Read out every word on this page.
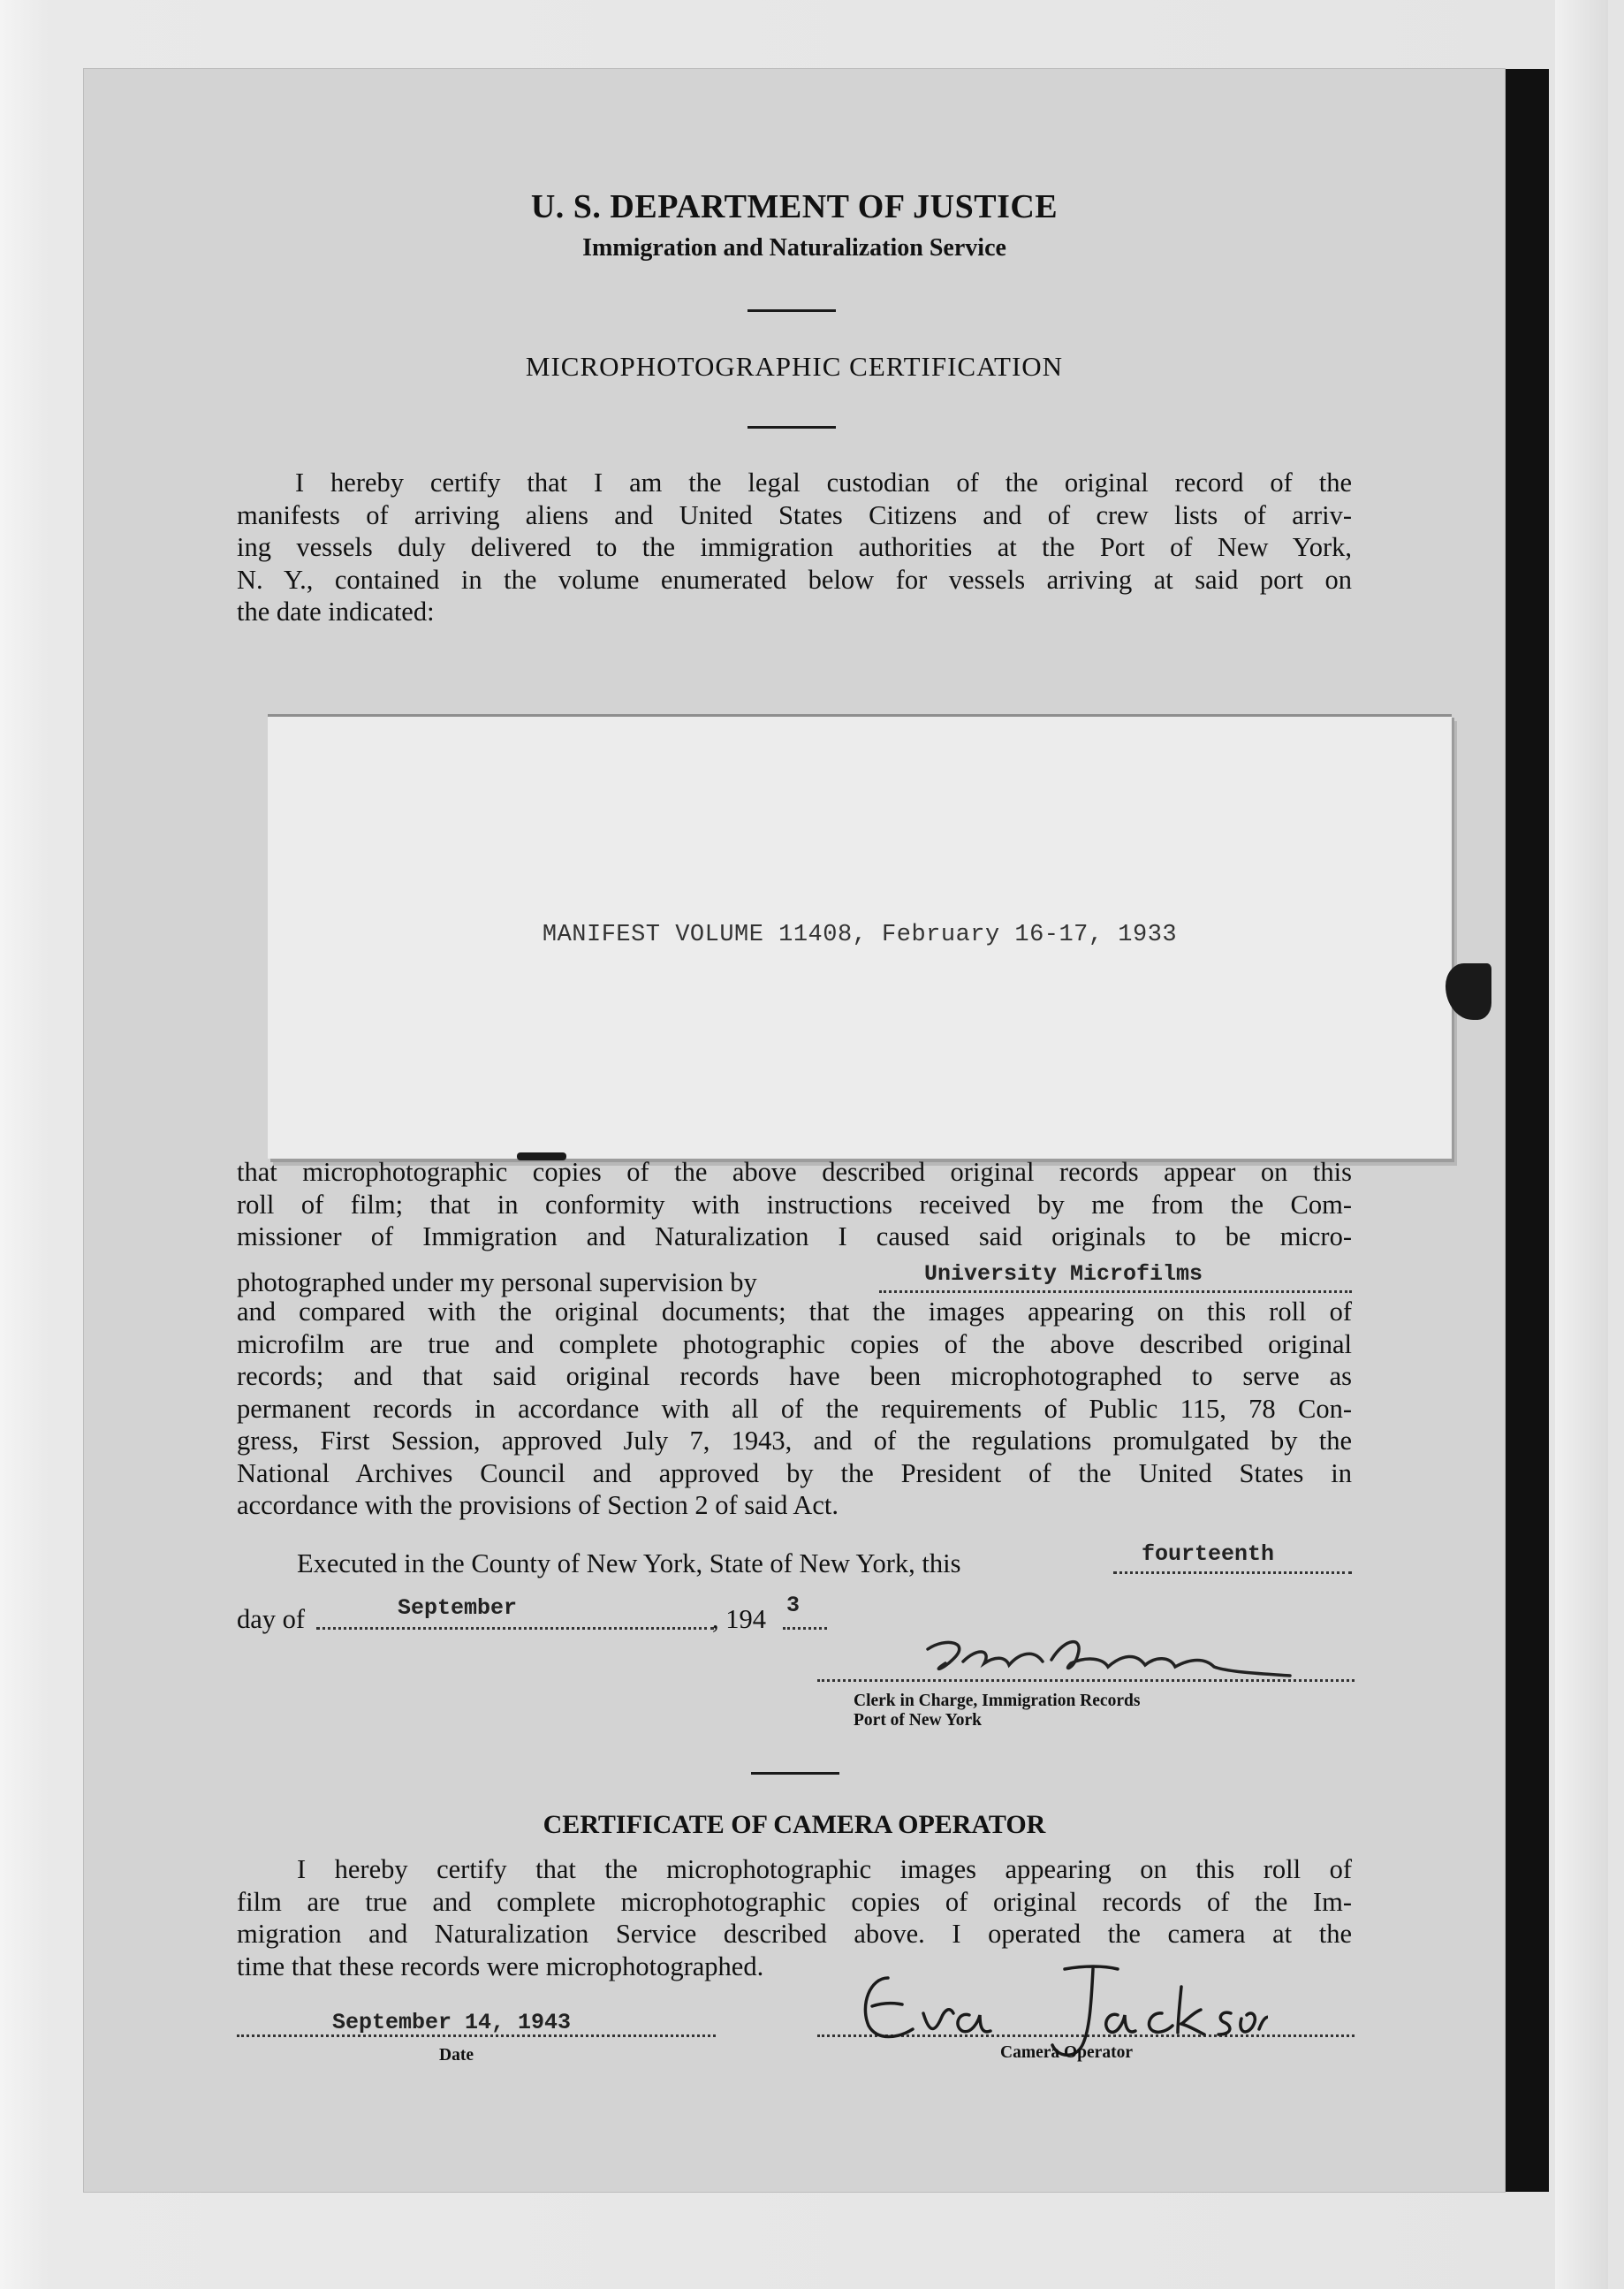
U. S. DEPARTMENT OF JUSTICE
Immigration and Naturalization Service
MICROPHOTOGRAPHIC CERTIFICATION
I hereby certify that I am the legal custodian of the original record of the
manifests of arriving aliens and United States Citizens and of crew lists of arriv-
ing vessels duly delivered to the immigration authorities at the Port of New York,
N. Y., contained in the volume enumerated below for vessels arriving at said port on
the date indicated:
MANIFEST VOLUME 11408, February 16-17, 1933
that microphotographic copies of the above described original records appear on this
roll of film; that in conformity with instructions received by me from the Com-
missioner of Immigration and Naturalization I caused said originals to be micro-
photographed under my personal supervision by	University Microfilms
and compared with the original documents; that the images appearing on this roll of
microfilm are true and complete photographic copies of the above described original
records; and that said original records have been microphotographed to serve as
permanent records in accordance with all of the requirements of Public 115, 78 Con-
gress, First Session, approved July 7, 1943, and of the regulations promulgated by the
National Archives Council and approved by the President of the United States in
accordance with the provisions of Section 2 of said Act.
Executed in the County of New York, State of New York, this	fourteenth
day of	September	, 194 3
Clerk in Charge, Immigration Records
Port of New York
CERTIFICATE OF CAMERA OPERATOR
I hereby certify that the microphotographic images appearing on this roll of
film are true and complete microphotographic copies of original records of the Im-
migration and Naturalization Service described above. I operated the camera at the
time that these records were microphotographed.
September 14, 1943
Date
Eva Jackson
Camera Operator
